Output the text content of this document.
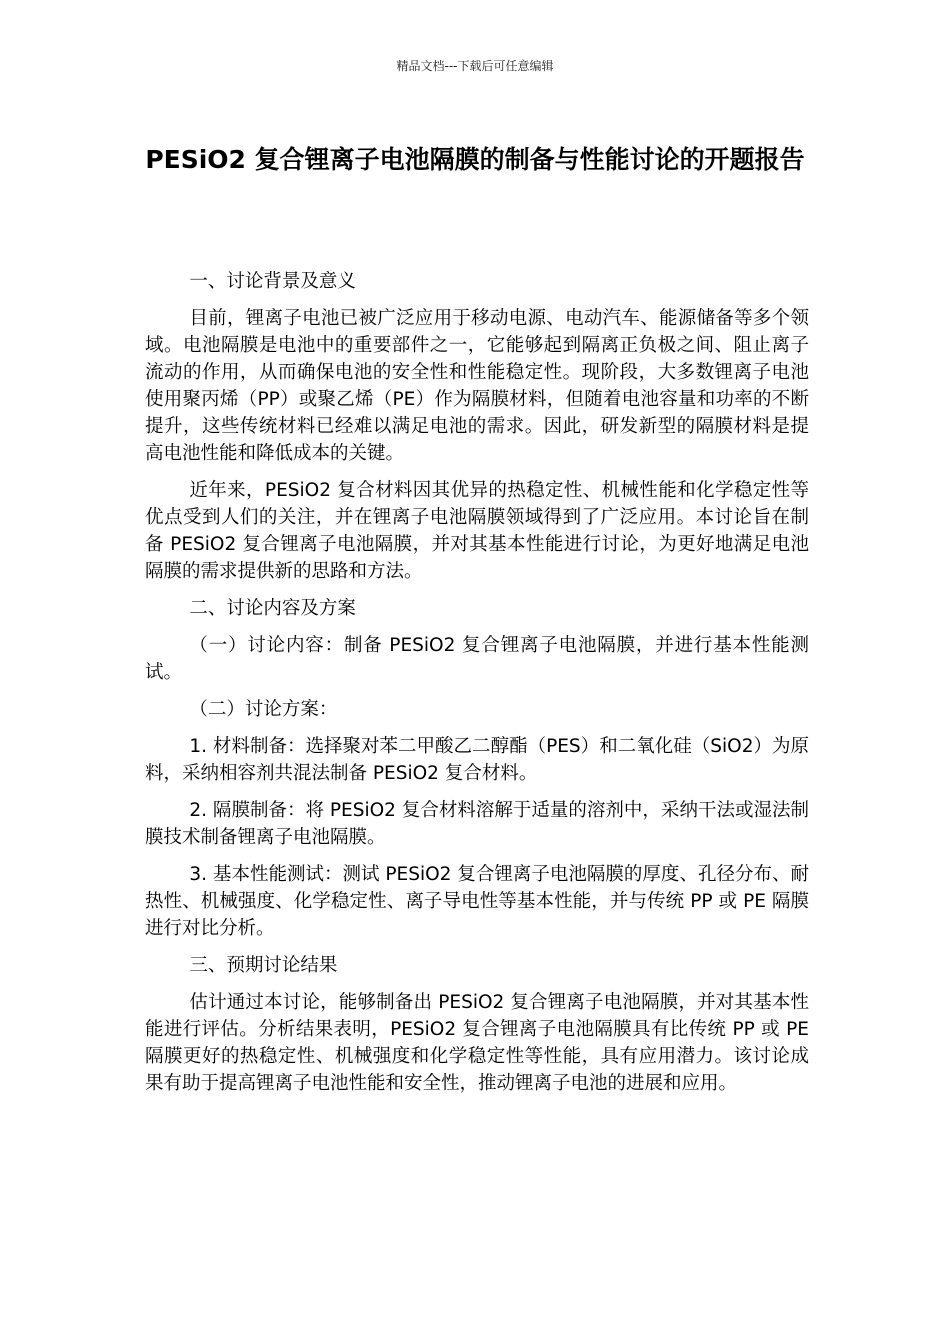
精品文档---下载后可任意编辑
PESiO2 复合锂离子电池隔膜的制备与性能讨论的开题报告

一、讨论背景及意义

目前，锂离子电池已被广泛应用于移动电源、电动汽车、能源储备等多个领域。电池隔膜是电池中的重要部件之一，它能够起到隔离正负极之间、阻止离子流动的作用，从而确保电池的安全性和性能稳定性。现阶段，大多数锂离子电池使用聚丙烯（PP）或聚乙烯（PE）作为隔膜材料，但随着电池容量和功率的不断提升，这些传统材料已经难以满足电池的需求。因此，研发新型的隔膜材料是提高电池性能和降低成本的关键。

近年来，PESiO2 复合材料因其优异的热稳定性、机械性能和化学稳定性等优点受到人们的关注，并在锂离子电池隔膜领域得到了广泛应用。本讨论旨在制备 PESiO2 复合锂离子电池隔膜，并对其基本性能进行讨论，为更好地满足电池隔膜的需求提供新的思路和方法。

二、讨论内容及方案

（一）讨论内容：制备 PESiO2 复合锂离子电池隔膜，并进行基本性能测试。

（二）讨论方案：

1. 材料制备：选择聚对苯二甲酸乙二醇酯（PES）和二氧化硅（SiO2）为原料，采纳相容剂共混法制备 PESiO2 复合材料。

2. 隔膜制备：将 PESiO2 复合材料溶解于适量的溶剂中，采纳干法或湿法制膜技术制备锂离子电池隔膜。

3. 基本性能测试：测试 PESiO2 复合锂离子电池隔膜的厚度、孔径分布、耐热性、机械强度、化学稳定性、离子导电性等基本性能，并与传统 PP 或 PE 隔膜进行对比分析。

三、预期讨论结果

估计通过本讨论，能够制备出 PESiO2 复合锂离子电池隔膜，并对其基本性能进行评估。分析结果表明，PESiO2 复合锂离子电池隔膜具有比传统 PP 或 PE 隔膜更好的热稳定性、机械强度和化学稳定性等性能，具有应用潜力。该讨论成果有助于提高锂离子电池性能和安全性，推动锂离子电池的进展和应用。
